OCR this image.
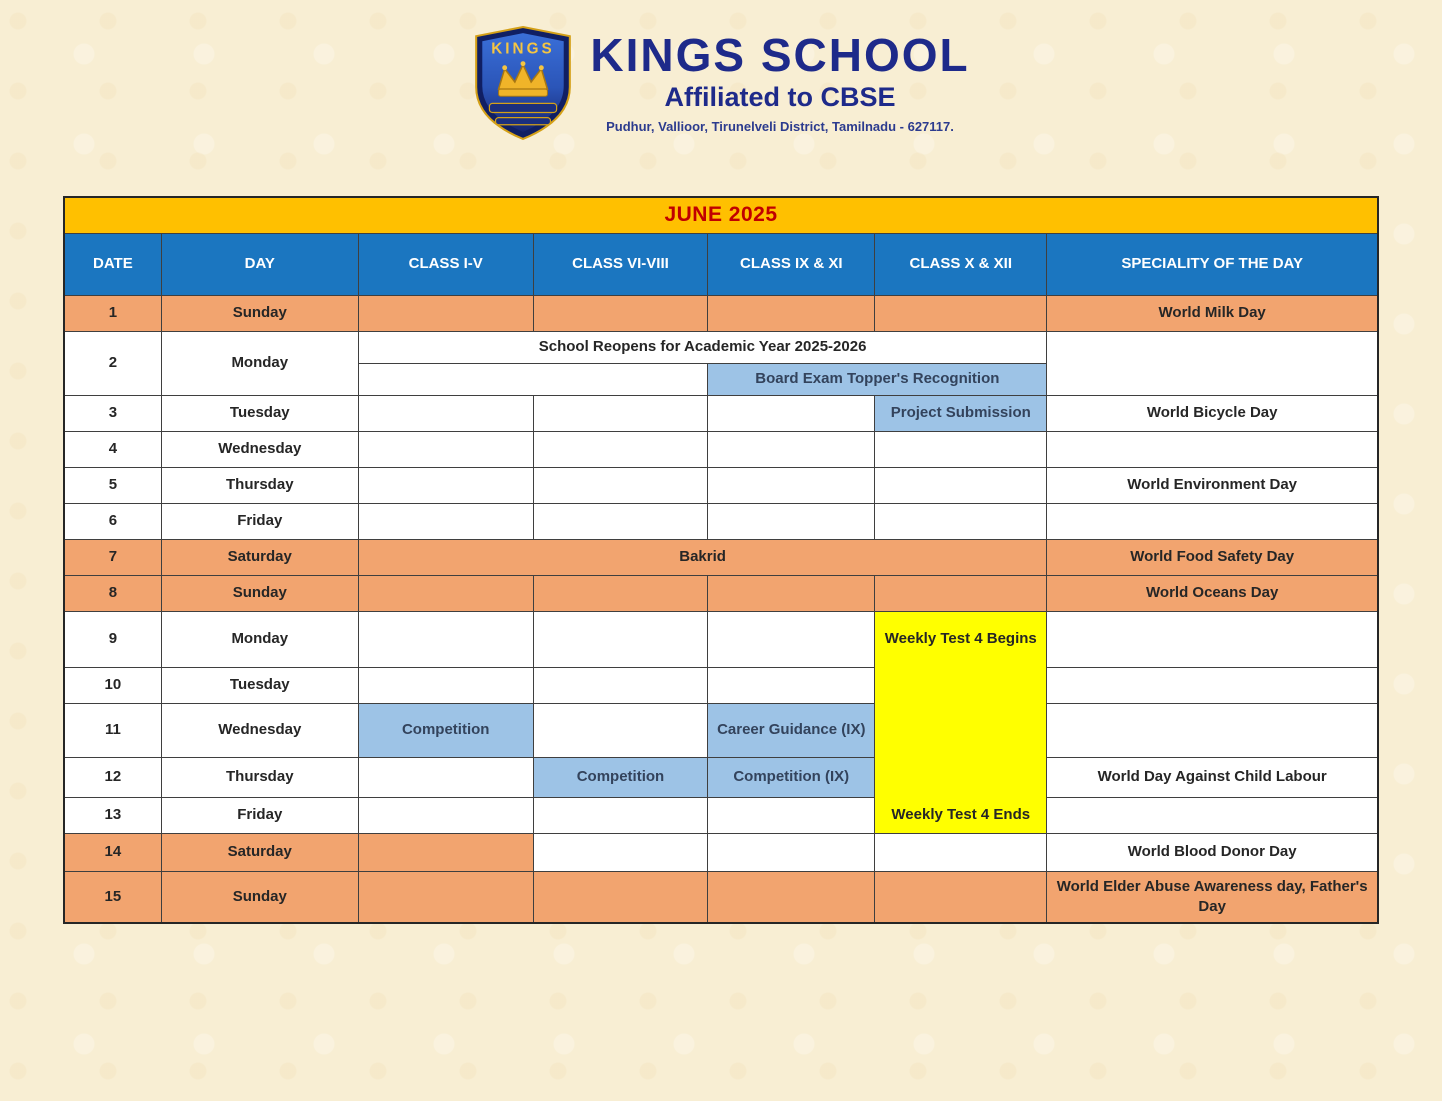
KINGS KINGS SCHOOL
Affiliated to CBSE
Pudhur, Vallioor, Tirunelveli District, Tamilnadu - 627117.
JUNE 2025						
DATE	DAY	CLASS I-V	CLASS VI-VIII	CLASS IX & XI	CLASS X & XII	SPECIALITY OF THE DAY
1	Sunday					World Milk Day
2	Monday	School Reopens for Academic Year 2025-2026				
				Board Exam Topper's Recognition		
3	Tuesday				Project Submission	World Bicycle Day
4	Wednesday					
5	Thursday					World Environment Day
6	Friday					
7	Saturday	Bakrid				World Food Safety Day
8	Sunday					World Oceans Day
9	Monday				Weekly Test 4 Begins	
10	Tuesday					
11	Wednesday	Competition		Career Guidance (IX)		
12	Thursday		Competition	Competition (IX)		World Day Against Child Labour
13	Friday				Weekly Test 4 Ends	
14	Saturday					World Blood Donor Day
15	Sunday					World Elder Abuse Awareness day, Father's Day
